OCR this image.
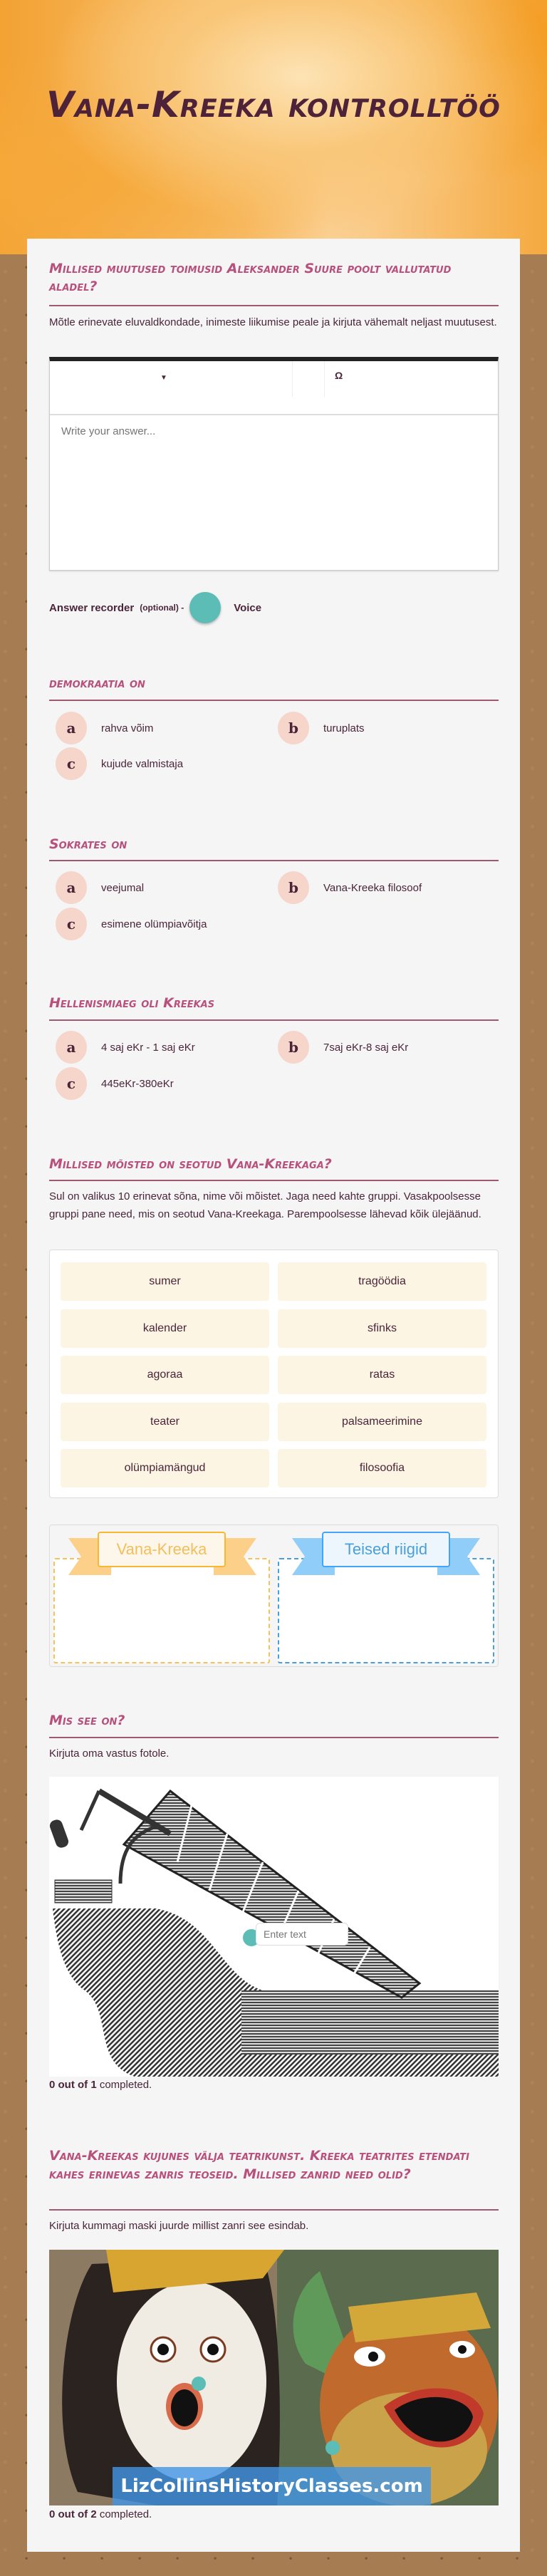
Vana-Kreeka kontrolltöö
Millised muutused toimusid Aleksander Suure poolt vallutatud aladel?
Mõtle erinevate eluvaldkondade, inimeste liikumise peale ja kirjuta vähemalt neljast muutusest.
▼	Ω
Write your answer...
Answer recorder (optional) -	Voice
demokraatia on
a	rahva võim	b	turuplats
c	kujude valmistaja
Sokrates on
a	veejumal	b	Vana-Kreeka filosoof
c	esimene olümpiavõitja
Hellenismiaeg oli Kreekas
a	4 saj eKr - 1 saj eKr	b	7saj eKr-8 saj eKr
c	445eKr-380eKr
Millised mõisted on seotud Vana-Kreekaga?
Sul on valikus 10 erinevat sõna, nime või mõistet. Jaga need kahte gruppi. Vasakpoolsesse gruppi pane need, mis on seotud Vana-Kreekaga. Parempoolsesse lähevad kõik ülejäänud.
sumer	tragöödia
kalender	sfinks
agoraa	ratas
teater	palsameerimine
olümpiamängud	filosoofia
Vana-Kreeka	Teised riigid
Mis see on?
Kirjuta oma vastus fotole.

Enter text
0 out of 1 completed.
Vana-Kreekas kujunes välja teatrikunst. Kreeka teatrites etendati kahes erinevas zanris teoseid. Millised zanrid need olid?
Kirjuta kummagi maski juurde millist zanri see esindab.
LizCollinsHistoryClasses.com
0 out of 2 completed.
